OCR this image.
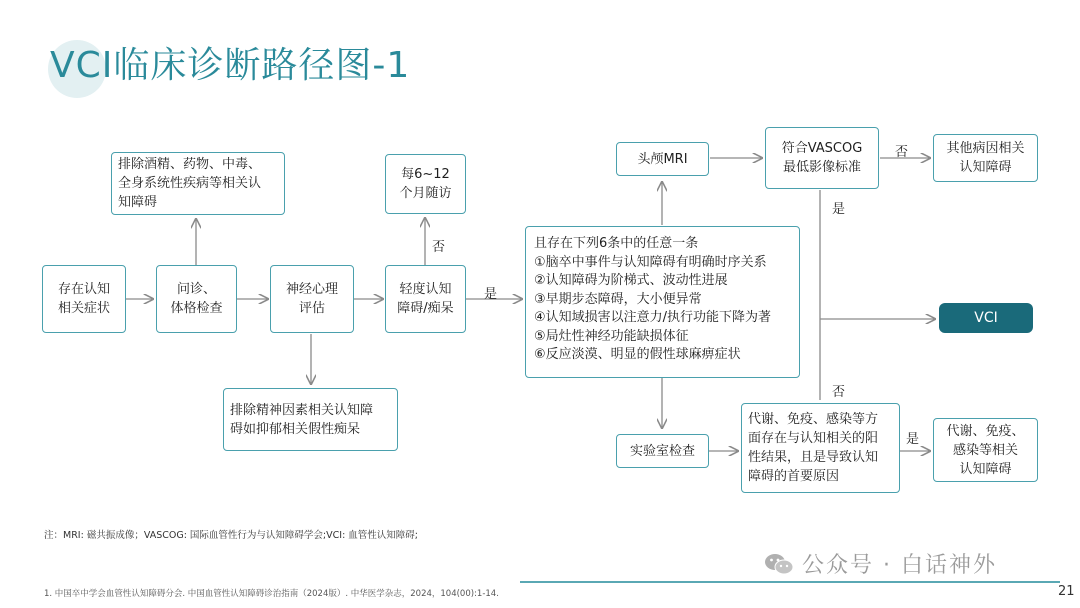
VCI临床诊断路径图-1
存在认知
相关症状
问诊、
体格检查
排除酒精、药物、中毒、
全身系统性疾病等相关认
知障碍
神经心理
评估
排除精神因素相关认知障
碍如抑郁相关假性痴呆
轻度认知
障碍/痴呆
每6~12
个月随访
且存在下列6条中的任意一条
①脑卒中事件与认知障碍有明确时序关系
②认知障碍为阶梯式、波动性进展
③早期步态障碍，大小便异常
④认知域损害以注意力/执行功能下降为著
⑤局灶性神经功能缺损体征
⑥反应淡漠、明显的假性球麻痹症状
头颅MRI
符合VASCOG
最低影像标准
其他病因相关
认知障碍
VCI
实验室检查
代谢、免疫、感染等方
面存在与认知相关的阳
性结果，且是导致认知
障碍的首要原因
代谢、免疫、
感染等相关
认知障碍
否
是
否
是
否
是
注：MRI: 磁共振成像；VASCOG: 国际血管性行为与认知障碍学会;VCI: 血管性认知障碍;
1. 中国卒中学会血管性认知障碍分会. 中国血管性认知障碍诊治指南（2024版）. 中华医学杂志，2024，104(00):1-14.
公众号 · 白话神外
21
